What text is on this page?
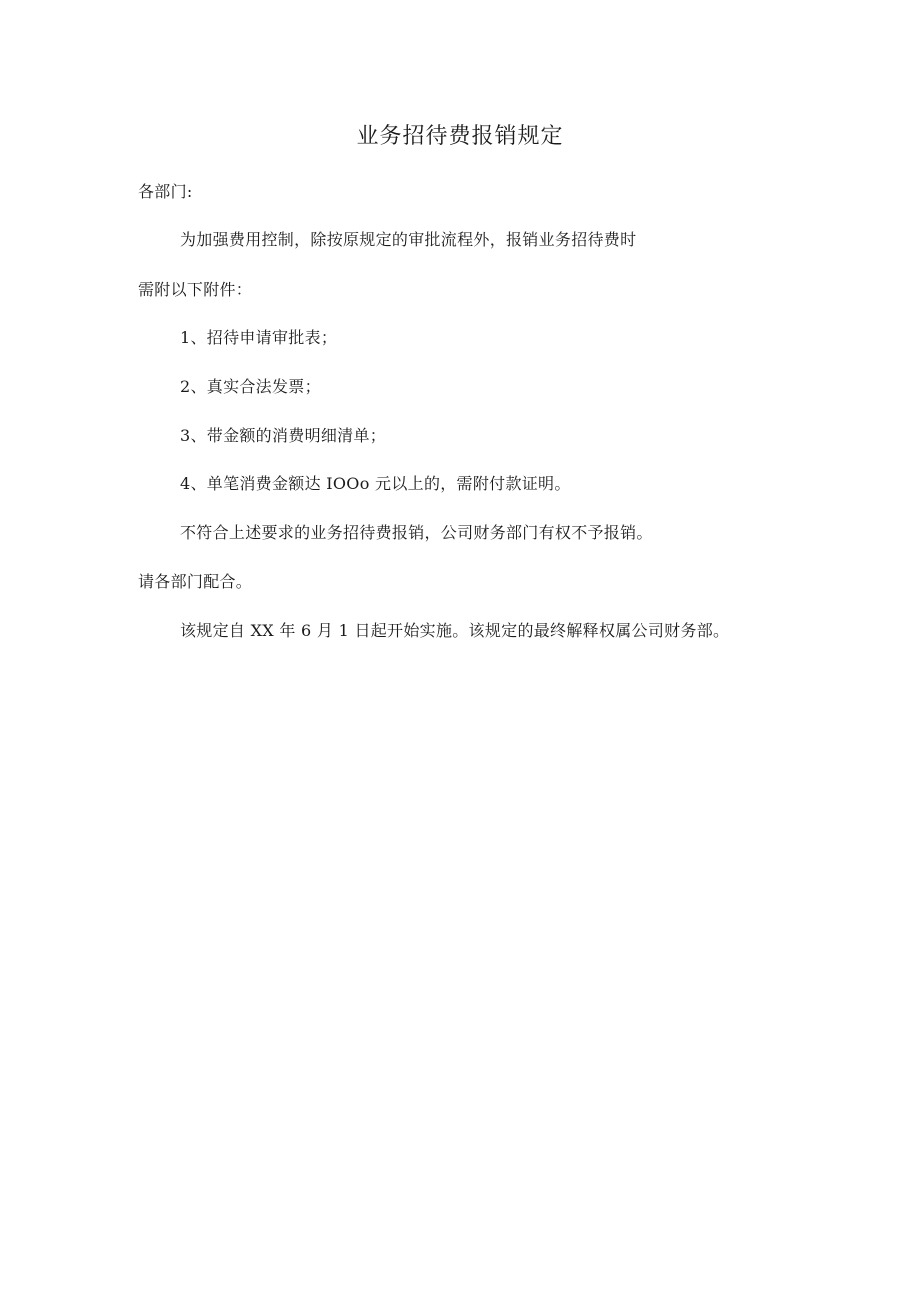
业务招待费报销规定
各部门:
为加强费用控制，除按原规定的审批流程外，报销业务招待费时
需附以下附件：
1、招待申请审批表；
2、真实合法发票；
3、带金额的消费明细清单；
4、单笔消费金额达 IOOo 元以上的，需附付款证明。
不符合上述要求的业务招待费报销，公司财务部门有权不予报销。
请各部门配合。
该规定自 XX 年 6 月 1 日起开始实施。该规定的最终解释权属公司财务部。
